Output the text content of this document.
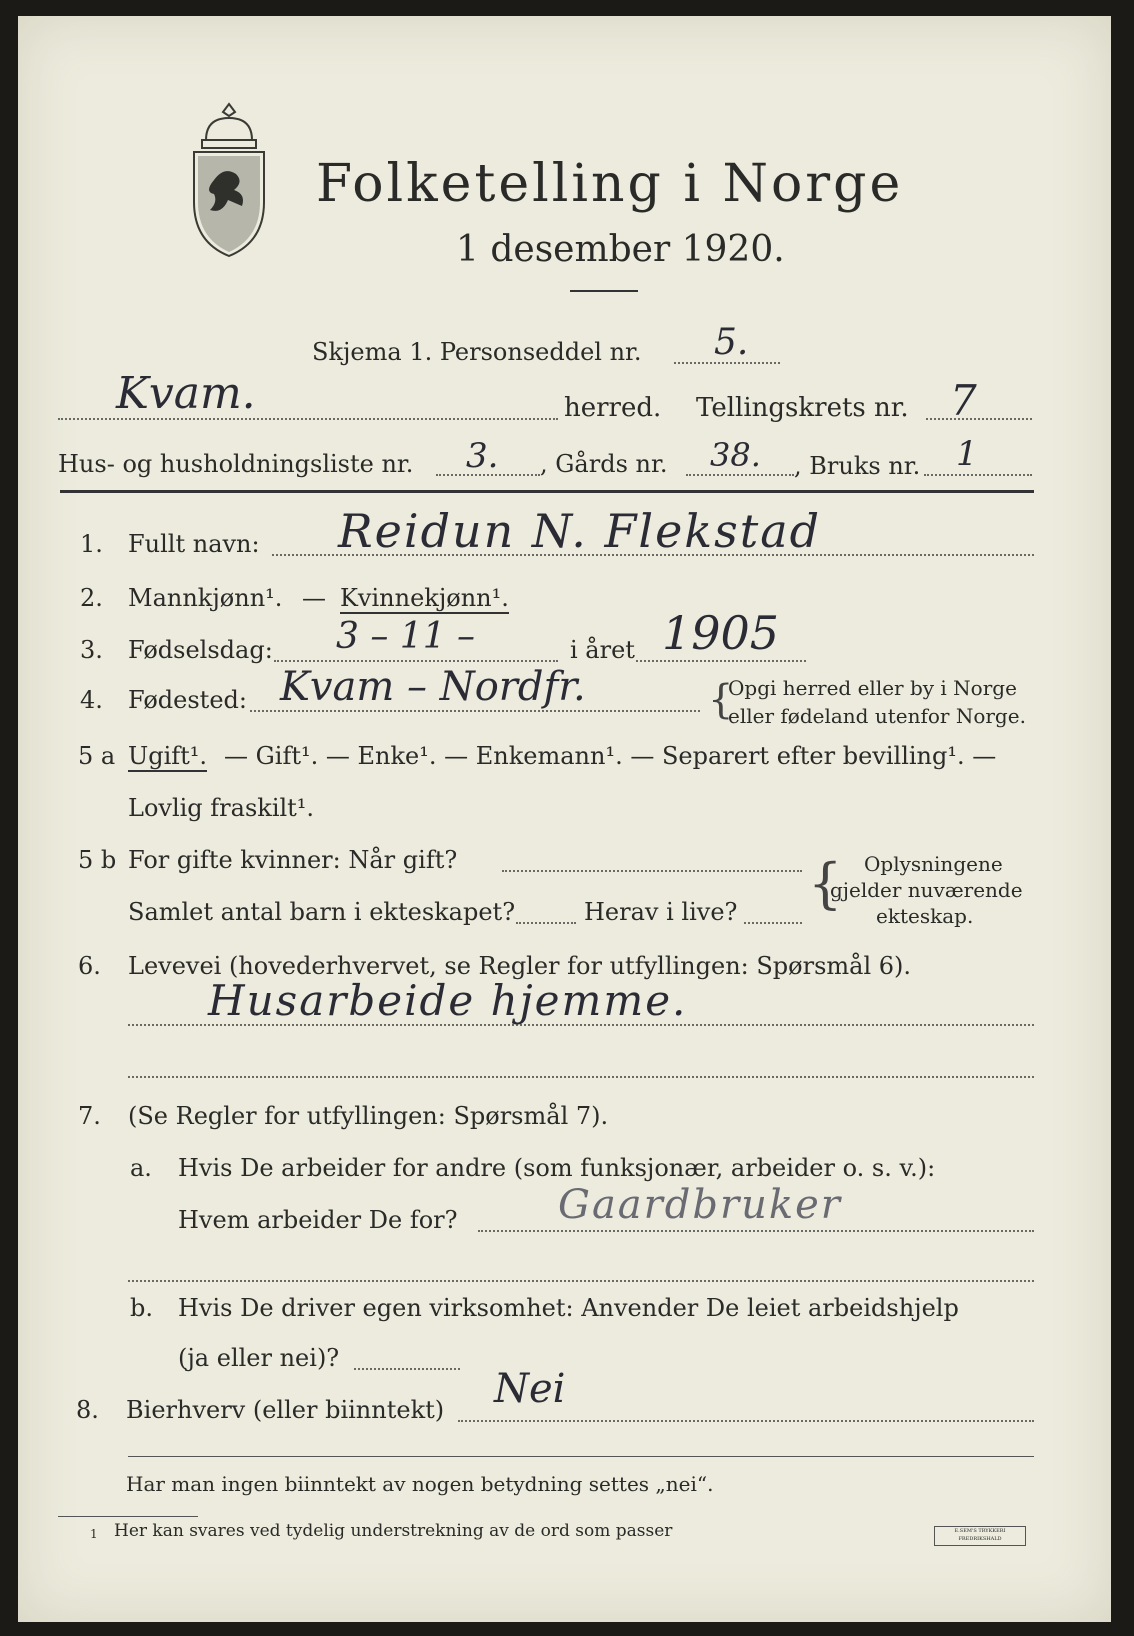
Folketelling i Norge
1 desember 1920.
Skjema 1. Personseddel nr. 5.
Kvam.	herred. Tellingskrets nr. 7
Hus- og husholdningsliste nr. 3. , Gårds nr. 38. , Bruks nr. 1
1. Fullt navn: Reidun N. Flekstad
2. Mannkjønn¹. — Kvinnekjønn¹.
3. Fødselsdag: 3 – 11 –	i året 1905
4. Fødested: Kvam – Nordfr.	{
Opgi herred eller by i Norge
eller fødeland utenfor Norge.
5 a Ugift¹. — Gift¹. — Enke¹. — Enkemann¹. — Separert efter bevilling¹. —
Lovlig fraskilt¹.
5 b For gifte kvinner: Når gift?
Samlet antal barn i ekteskapet?	Herav i live? { Oplysningene
gjelder nuværende
ekteskap.
6. Levevei (hovederhvervet, se Regler for utfyllingen: Spørsmål 6).
Husarbeide hjemme.
7. (Se Regler for utfyllingen: Spørsmål 7).
a. Hvis De arbeider for andre (som funksjonær, arbeider o. s. v.):
Hvem arbeider De for?	Gaardbruker
b. Hvis De driver egen virksomhet: Anvender De leiet arbeidshjelp
(ja eller nei)?
8. Bierhverv (eller biinntekt) Nei
Har man ingen biinntekt av nogen betydning settes „nei“.
1 Her kan svares ved tydelig understrekning av de ord som passer	E.SEM'S TRYKKERI FREDRIKSHALD
